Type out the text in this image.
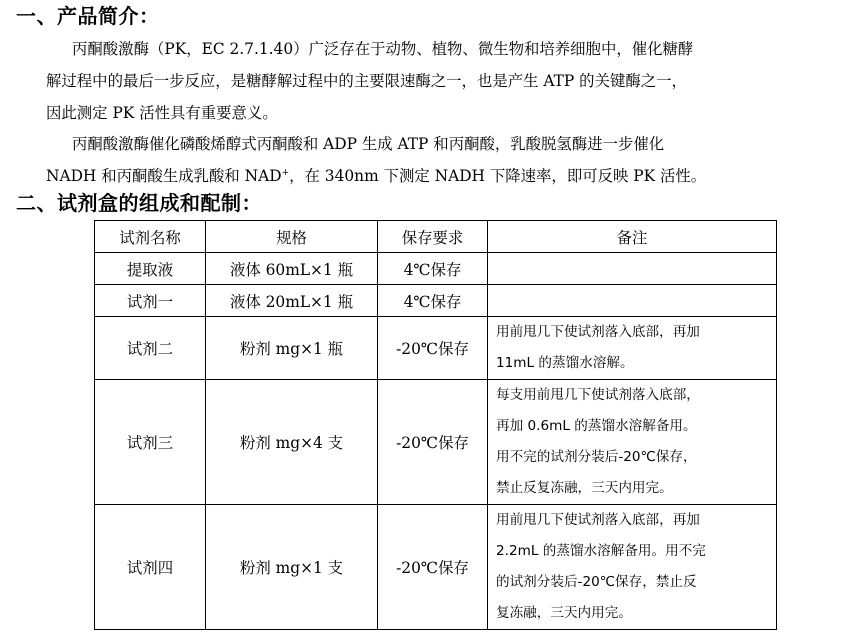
一、产品简介：

丙酮酸激酶（PK，EC 2.7.1.40）广泛存在于动物、植物、微生物和培养细胞中，催化糖酵
解过程中的最后一步反应，是糖酵解过程中的主要限速酶之一，也是产生 ATP 的关键酶之一，
因此测定 PK 活性具有重要意义。

丙酮酸激酶催化磷酸烯醇式丙酮酸和 ADP 生成 ATP 和丙酮酸，乳酸脱氢酶进一步催化
NADH 和丙酮酸生成乳酸和 NAD+，在 340nm 下测定 NADH 下降速率，即可反映 PK 活性。

二、试剂盒的组成和配制：
试剂名称	规格	保存要求	备注
提取液	液体 60mL×1 瓶	4℃保存	
试剂一	液体 20mL×1 瓶	4℃保存	
试剂二	粉剂 mg×1 瓶	-20℃保存	用前甩几下使试剂落入底部，再加
11mL 的蒸馏水溶解。

试剂三	粉剂 mg×4 支	-20℃保存	每支用前甩几下使试剂落入底部，
再加 0.6mL 的蒸馏水溶解备用。
用不完的试剂分装后-20℃保存，
禁止反复冻融，三天内用完。

试剂四	粉剂 mg×1 支	-20℃保存	用前甩几下使试剂落入底部，再加
2.2mL 的蒸馏水溶解备用。用不完
的试剂分装后-20℃保存，禁止反
复冻融，三天内用完。
